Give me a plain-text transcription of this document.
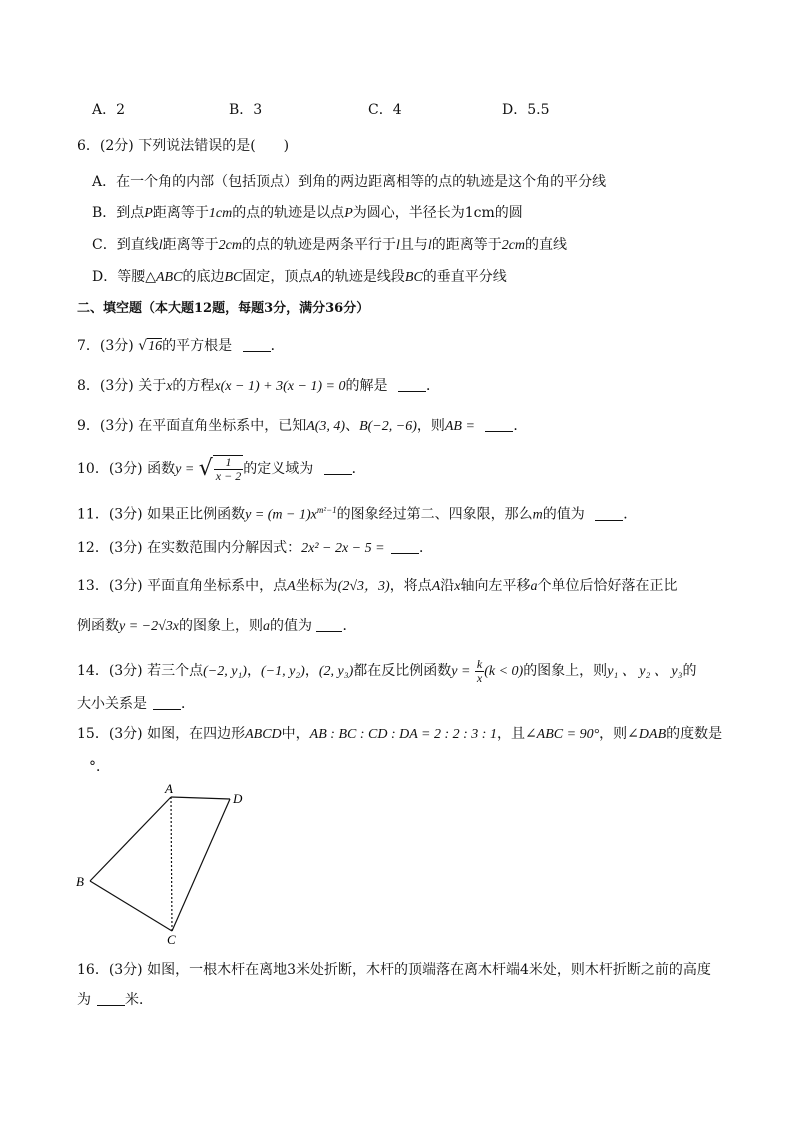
A．2	B．3	C．4	D．5.5
6．(2分) 下列说法错误的是(　　)
A．在一个角的内部（包括顶点）到角的两边距离相等的点的轨迹是这个角的平分线
B．到点P距离等于1cm的点的轨迹是以点P为圆心，半径长为1cm的圆
C．到直线l距离等于2cm的点的轨迹是两条平行于l且与l的距离等于2cm的直线
D．等腰△ABC的底边BC固定，顶点A的轨迹是线段BC的垂直平分线
二、填空题（本大题12题，每题3分，满分36分）
7．(3分) √16的平方根是	．
8．(3分) 关于x的方程x(x − 1) + 3(x − 1) = 0的解是	．
9．(3分) 在平面直角坐标系中，已知A(3, 4)、B(−2, −6)，则AB =	．
10．(3分) 函数y = √ $\frac{1}{x - 2}$ 的定义域为	．
11．(3分) 如果正比例函数$y = (m - 1)x^{m^2-1}$的图象经过第二、四象限，那么m的值为	．
12．(3分) 在实数范围内分解因式：2x² − 2x − 5 = ．
13．(3分) 平面直角坐标系中，点A坐标为(2√3，3)，将点A沿x轴向左平移a个单位后恰好落在正比
例函数y = −2√3x的图象上，则a的值为 ．
14．(3分) 若三个点(−2, y₁)，(−1, y₂)，(2, y₃)都在反比例函数$y = \frac{k}{x} (k < 0)$的图象上，则y₁ 、 y₂ 、 y₃的
大小关系是 ．
15．(3分) 如图，在四边形ABCD中，AB : BC : CD : DA = 2 : 2 : 3 : 1，且∠ABC = 90°，则∠DAB的度数是
°．
A
D
B
C
16．(3分) 如图，一根木杆在离地3米处折断，木杆的顶端落在离木杆端4米处，则木杆折断之前的高度
为 米．
